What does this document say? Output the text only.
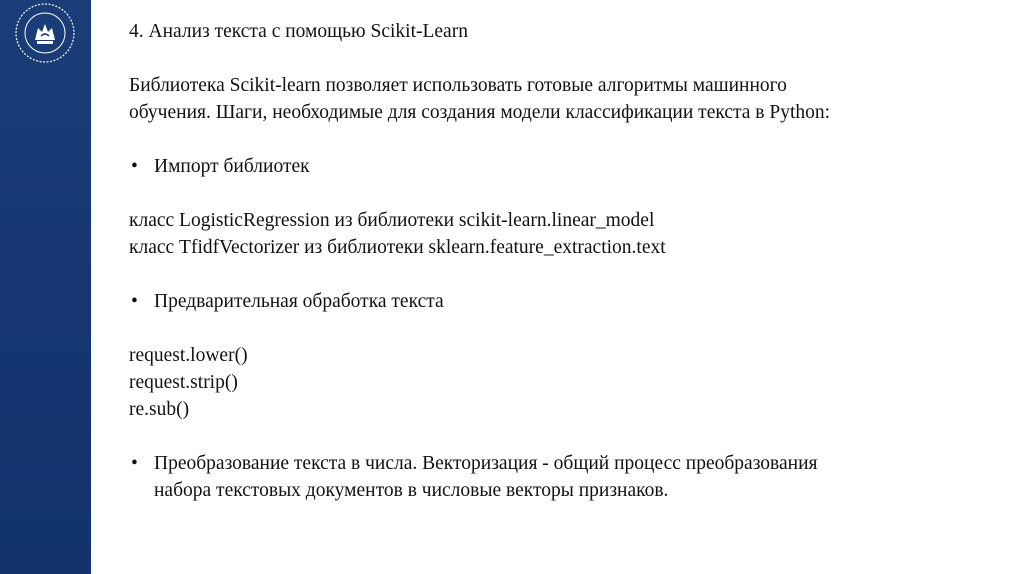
4. Анализ текста с помощью Scikit-Learn

Библиотека Scikit-learn позволяет использовать готовые алгоритмы машинного

обучения. Шаги, необходимые для создания модели классификации текста в Python:

• Импорт библиотек

класс LogisticRegression из библиотеки scikit-learn.linear_model

класс TfidfVectorizer из библиотеки sklearn.feature_extraction.text

• Предварительная обработка текста

request.lower()

request.strip()

re.sub()

• Преобразование текста в числа. Векторизация - общий процесс преобразования
набора текстовых документов в числовые векторы признаков.
